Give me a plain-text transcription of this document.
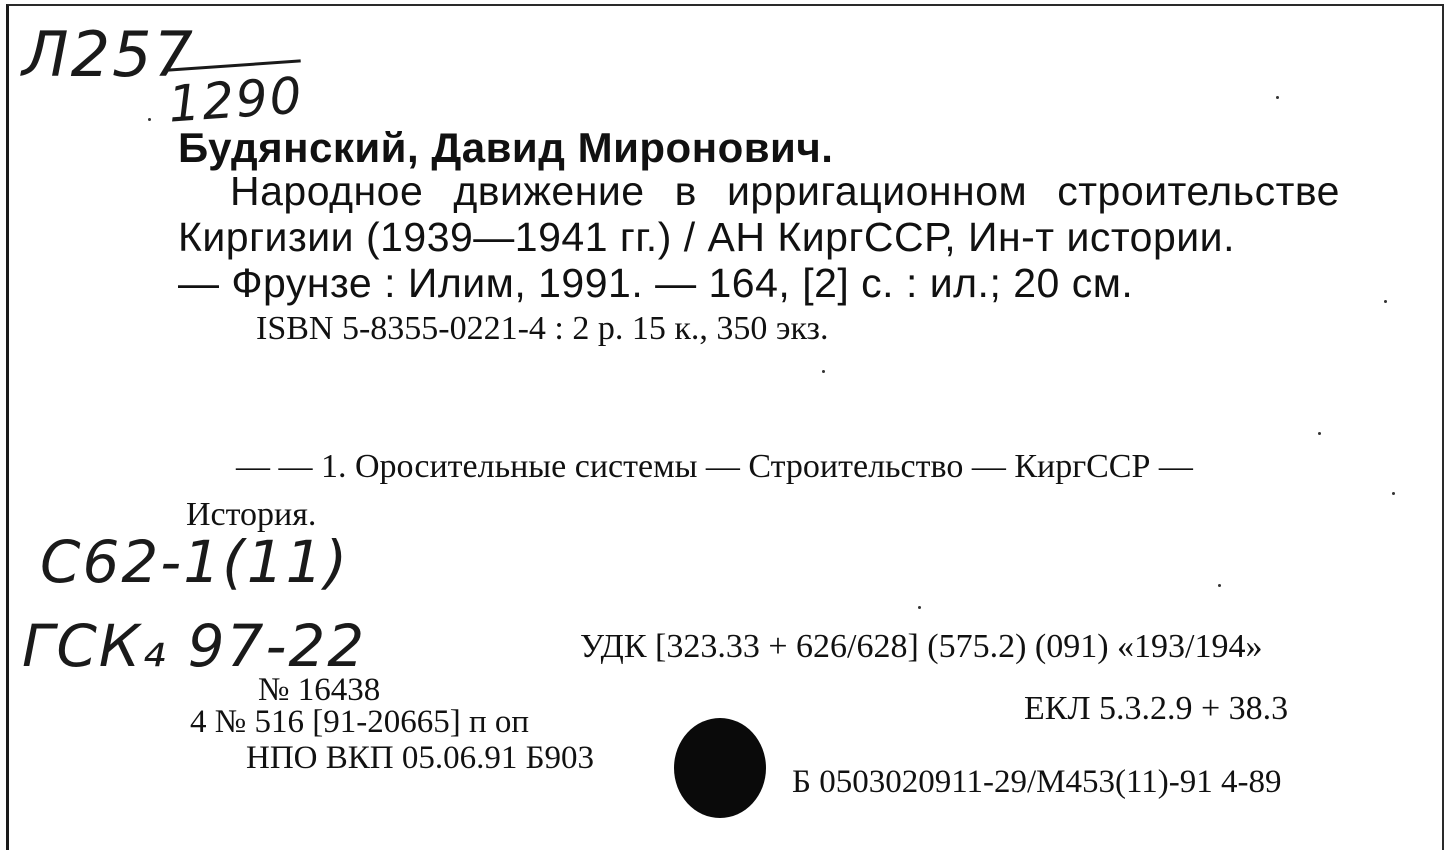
Л257
1290
Будянский, Давид Миронович.
Народное движение в ирригационном строительстве
Киргизии (1939—1941 гг.) / АН КиргССР, Ин-т истории.
— Фрунзе : Илим, 1991. — 164, [2] с. : ил.; 20 см.
ISBN 5-8355-0221-4 : 2 р. 15 к., 350 экз.
— — 1. Оросительные системы — Строительство — КиргССР —
История.
С62-1(11)
ГСК₄ 97-22	УДК [323.33 + 626/628] (575.2) (091) «193/194»
ЕКЛ 5.3.2.9 + 38.3
№ 16438
4 № 516 [91-20665] п оп
НПО ВКП 05.06.91 Б903
Б 0503020911-29/М453(11)-91 4-89
